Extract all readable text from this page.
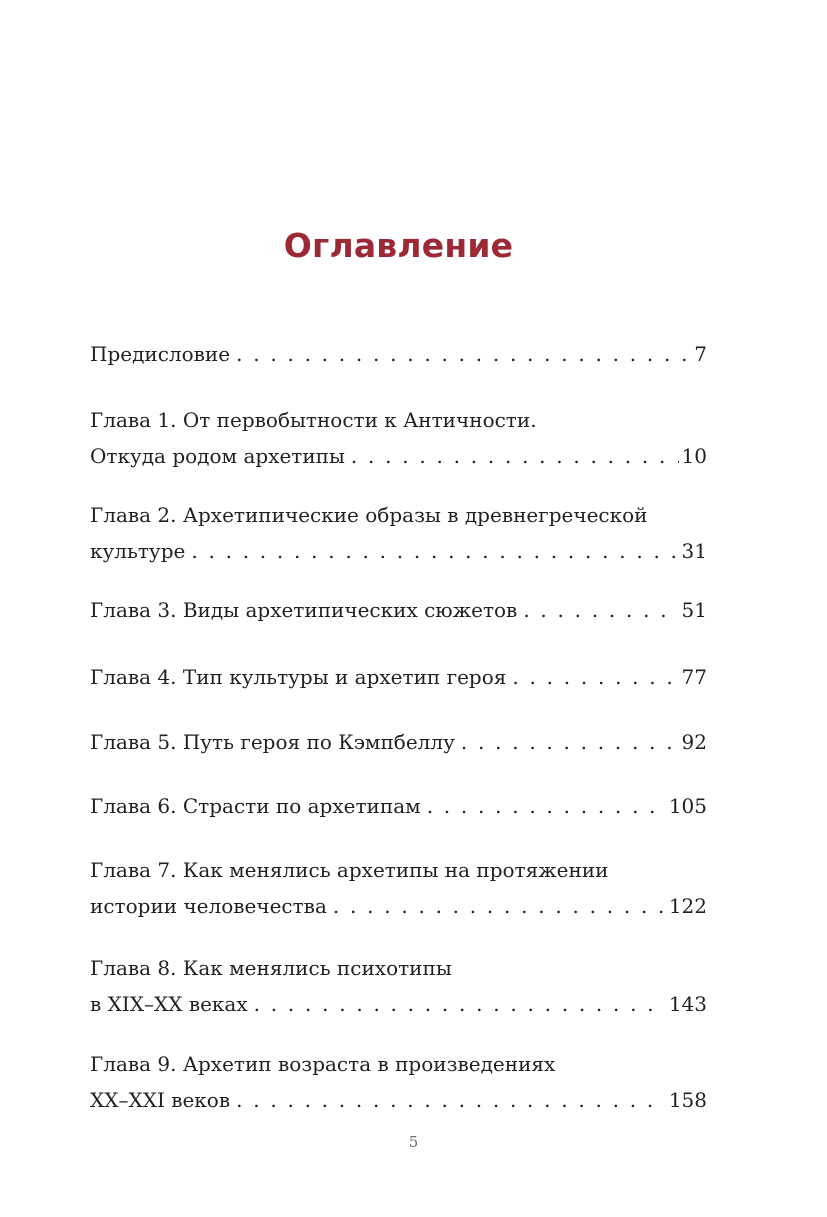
Оглавление
Предисловие . . .	7
Глава 1. От первобытности к Античности.
Откуда родом архетипы . . .	10
Глава 2. Архетипические образы в древнегреческой
культуре . . .	31
Глава 3. Виды архетипических сюжетов . . .	51
Глава 4. Тип культуры и архетип героя . . .	77
Глава 5. Путь героя по Кэмпбеллу . . .	92
Глава 6. Страсти по архетипам . . .	105
Глава 7. Как менялись архетипы на протяжении
истории человечества . . .	122
Глава 8. Как менялись психотипы
в XIX–XX веках . . .	143
Глава 9. Архетип возраста в произведениях
XX–XXI веков . . .	158
5
